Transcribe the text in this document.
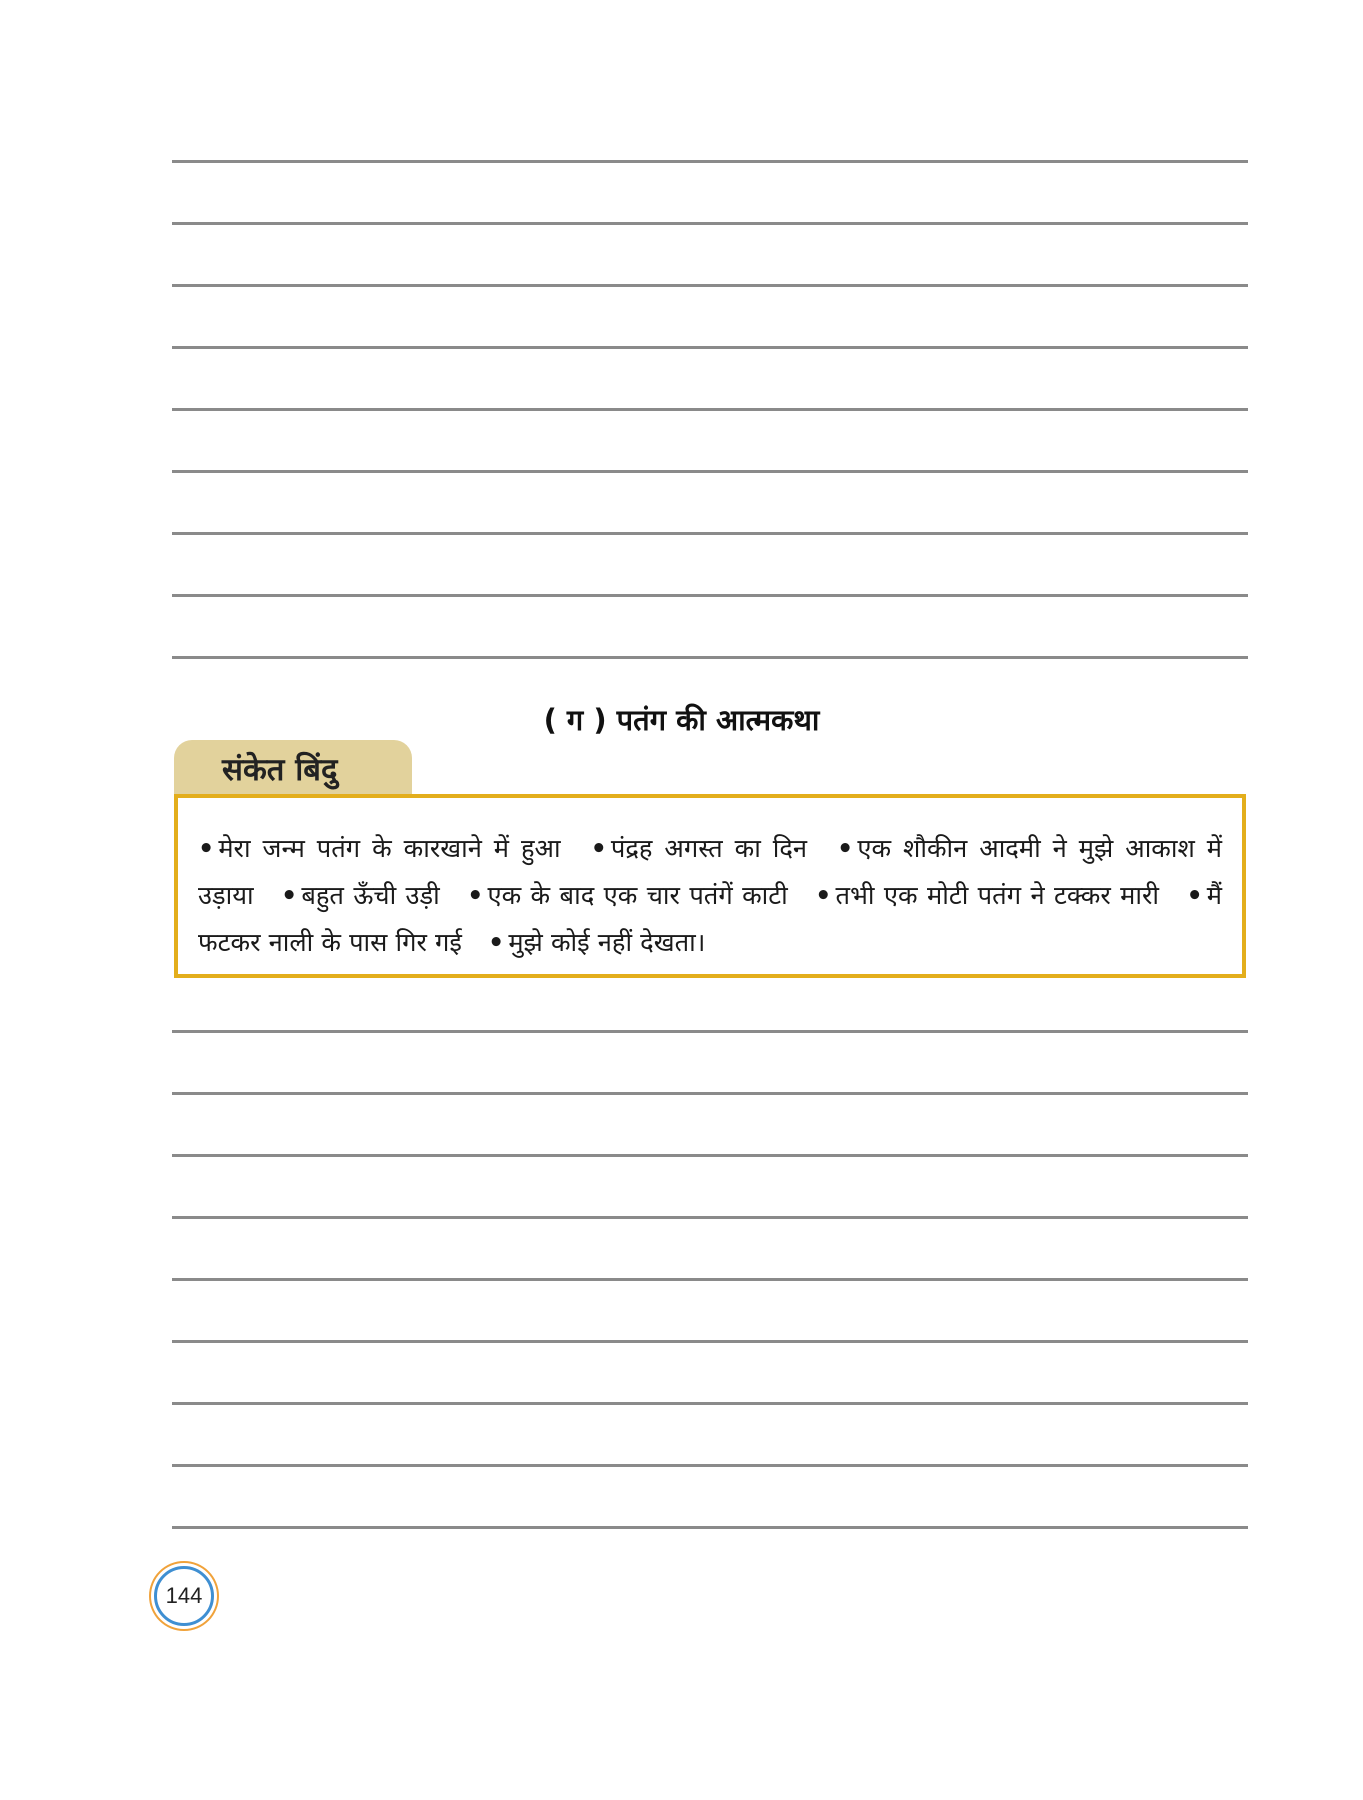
( ग ) पतंग की आत्मकथा
संकेत बिंदु
• मेरा जन्म पतंग के कारखाने में हुआ • पंद्रह अगस्त का दिन • एक शौकीन आदमी ने मुझे आकाश में उड़ाया • बहुत ऊँची उड़ी • एक के बाद एक चार पतंगें काटी • तभी एक मोटी पतंग ने टक्कर मारी • मैं फटकर नाली के पास गिर गई • मुझे कोई नहीं देखता।
144
